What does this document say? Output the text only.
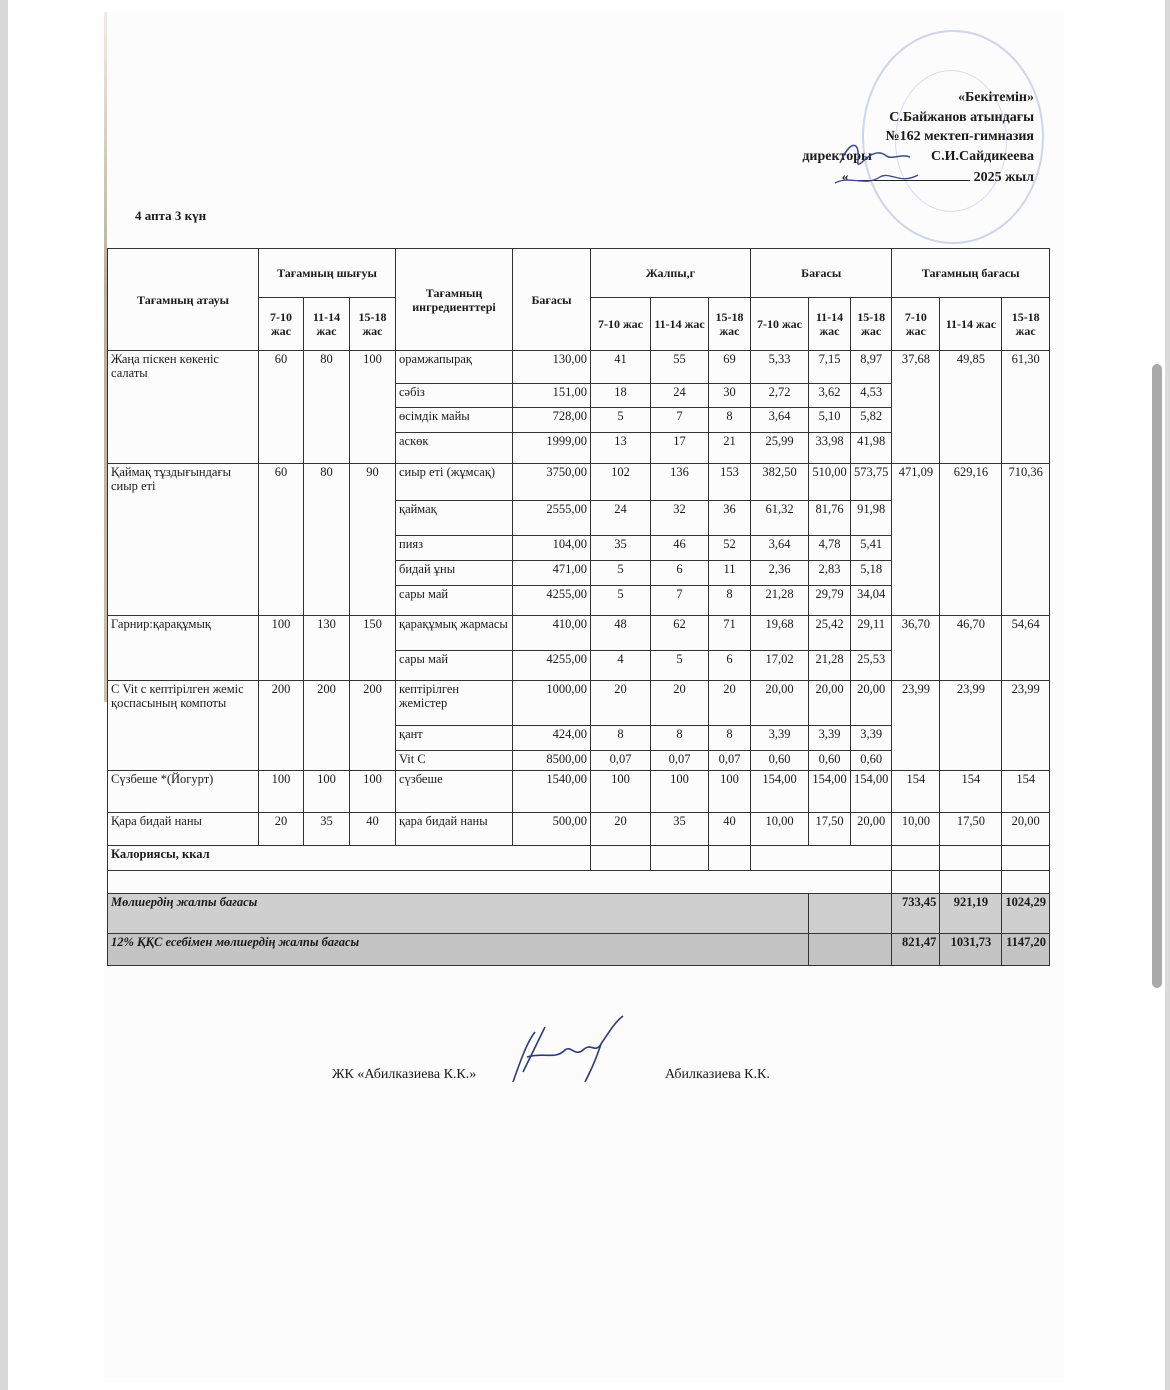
«Бекітемін»
С.Байжанов атындағы
№162 мектеп-гимназия
директоры	С.И.Сайдикеева
«	2025 жыл
4 апта 3 күн
Тағамның атауы	Тағамның шығуы			Тағамның ингредиенттері	Бағасы	Жалпы,г			Бағасы			Тағамның бағасы		
	7-10 жас	11-14 жас	15-18 жас			7-10 жас	11-14 жас	15-18 жас	7-10 жас	11-14 жас	15-18 жас	7-10 жас	11-14 жас	15-18 жас
Жаңа піскен көкеніс салаты	60	80	100	орамжапырақ	130,00	41	55	69	5,33	7,15	8,97	37,68	49,85	61,30
				сәбіз	151,00	18	24	30	2,72	3,62	4,53			
				өсімдік майы	728,00	5	7	8	3,64	5,10	5,82			
				аскөк	1999,00	13	17	21	25,99	33,98	41,98			
Қаймақ тұздығындағы сиыр еті	60	80	90	сиыр еті (жұмсақ)	3750,00	102	136	153	382,50	510,00	573,75	471,09	629,16	710,36
				қаймақ	2555,00	24	32	36	61,32	81,76	91,98			
				пияз	104,00	35	46	52	3,64	4,78	5,41			
				бидай ұны	471,00	5	6	11	2,36	2,83	5,18			
				сары май	4255,00	5	7	8	21,28	29,79	34,04			
Гарнир:қарақұмық	100	130	150	қарақұмық жармасы	410,00	48	62	71	19,68	25,42	29,11	36,70	46,70	54,64
				сары май	4255,00	4	5	6	17,02	21,28	25,53			
С Vit с кептірілген жеміс қоспасының компоты	200	200	200	кептірілген жемістер	1000,00	20	20	20	20,00	20,00	20,00	23,99	23,99	23,99
				қант	424,00	8	8	8	3,39	3,39	3,39			
				Vit C	8500,00	0,07	0,07	0,07	0,60	0,60	0,60			
Сүзбеше *(Йогурт)	100	100	100	сүзбеше	1540,00	100	100	100	154,00	154,00	154,00	154	154	154
Қара бидай наны	20	35	40	қара бидай наны	500,00	20	35	40	10,00	17,50	20,00	10,00	17,50	20,00
Калориясы, ккал														

Мөлшердің жалпы бағасы												733,45	921,19	1024,29
12% ҚҚС есебімен мөлшердің жалпы бағасы												821,47	1031,73	1147,20
ЖК «Абилказиева К.К.»	Абилказиева К.К.
